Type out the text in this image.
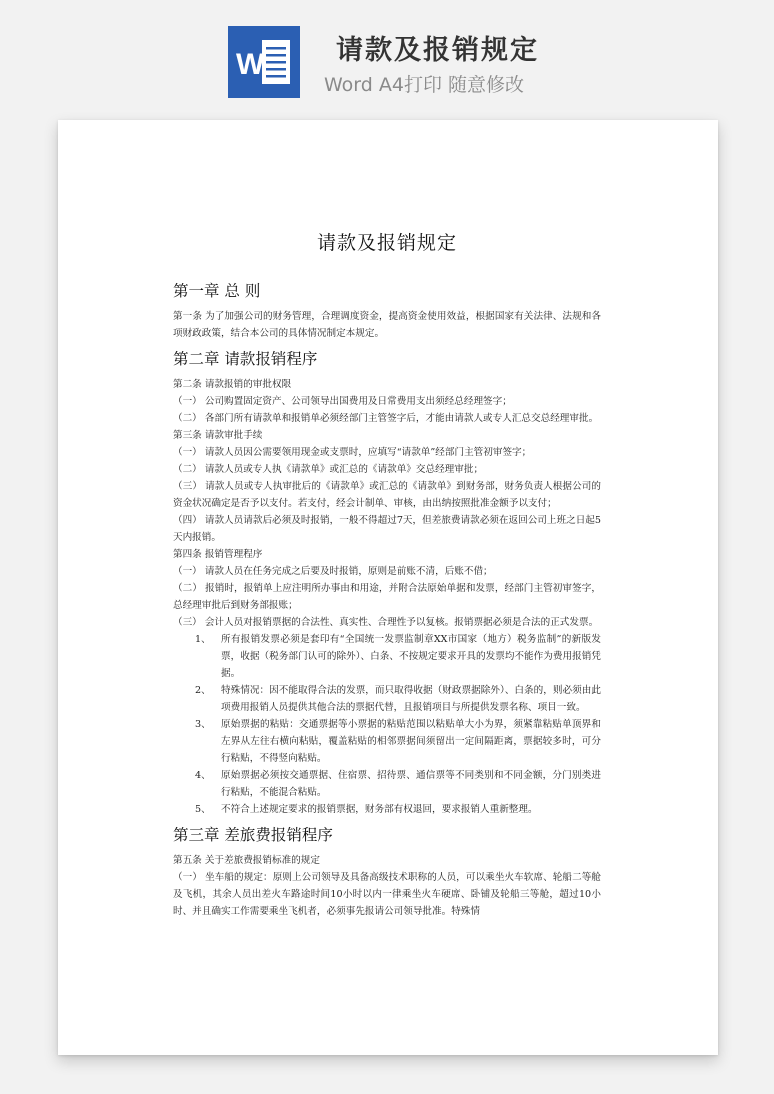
W	请款及报销规定
Word A4打印 随意修改
请款及报销规定
第一章 总 则

第一条 为了加强公司的财务管理，合理调度资金，提高资金使用效益，根据国家有关法律、法规和各项财政政策，结合本公司的具体情况制定本规定。

第二章 请款报销程序

第二条 请款报销的审批权限

（一） 公司购置固定资产、公司领导出国费用及日常费用支出须经总经理签字；

（二） 各部门所有请款单和报销单必须经部门主管签字后，才能由请款人或专人汇总交总经理审批。

第三条 请款审批手续

（一） 请款人员因公需要领用现金或支票时，应填写“请款单”经部门主管初审签字；

（二） 请款人员或专人执《请款单》或汇总的《请款单》交总经理审批；

（三） 请款人员或专人执审批后的《请款单》或汇总的《请款单》到财务部，财务负责人根据公司的资金状况确定是否予以支付。若支付，经会计制单、审核，由出纳按照批准金额予以支付；

（四） 请款人员请款后必须及时报销，一般不得超过7天，但差旅费请款必须在返回公司上班之日起5天内报销。

第四条 报销管理程序

（一） 请款人员在任务完成之后要及时报销，原则是前账不清，后账不借；

（二） 报销时，报销单上应注明所办事由和用途，并附合法原始单据和发票，经部门主管初审签字，总经理审批后到财务部报账；

（三） 会计人员对报销票据的合法性、真实性、合理性予以复核。报销票据必须是合法的正式发票。

1、	所有报销发票必须是套印有“全国统一发票监制章XX市国家（地方）税务监制”的新版发票，收据（税务部门认可的除外）、白条、不按规定要求开具的发票均不能作为费用报销凭据。
2、	特殊情况：因不能取得合法的发票，而只取得收据（财政票据除外）、白条的，则必须由此项费用报销人员提供其他合法的票据代替，且报销项目与所提供发票名称、项目一致。
3、	原始票据的粘贴：交通票据等小票据的粘贴范围以粘贴单大小为界，须紧靠粘贴单顶界和左界从左往右横向粘贴，覆盖粘贴的相邻票据间须留出一定间隔距离，票据较多时，可分行粘贴，不得竖向粘贴。
4、	原始票据必须按交通票据、住宿票、招待票、通信票等不同类别和不同金额，分门别类进行粘贴，不能混合粘贴。
5、	不符合上述规定要求的报销票据，财务部有权退回，要求报销人重新整理。
第三章 差旅费报销程序

第五条 关于差旅费报销标准的规定

（一） 坐车船的规定：原则上公司领导及具备高级技术职称的人员，可以乘坐火车软席、轮船二等舱及飞机，其余人员出差火车路途时间10小时以内一律乘坐火车硬席、卧铺及轮船三等舱，超过10小时、并且确实工作需要乘坐飞机者，必须事先报请公司领导批准。特殊情
